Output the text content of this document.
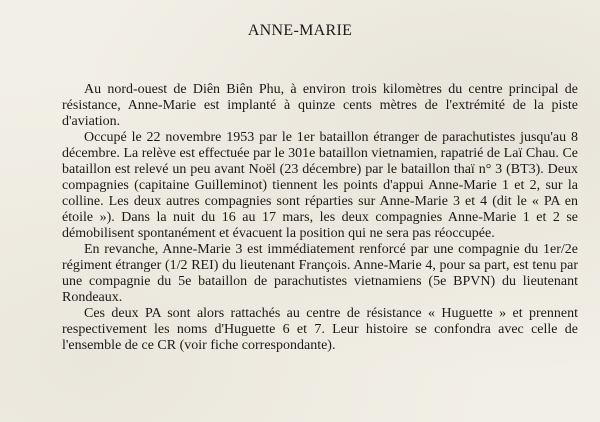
ANNE-MARIE

Au nord-ouest de Diên Biên Phu, à environ trois kilomètres du centre principal de résistance, Anne-Marie est implanté à quinze cents mètres de l'extrémité de la piste d'aviation.

Occupé le 22 novembre 1953 par le 1er bataillon étranger de parachutistes jusqu'au 8 décembre. La relève est effectuée par le 301e bataillon vietnamien, rapatrié de Laï Chau. Ce bataillon est relevé un peu avant Noël (23 décembre) par le bataillon thaï n° 3 (BT3). Deux compagnies (capitaine Guilleminot) tiennent les points d'appui Anne-Marie 1 et 2, sur la colline. Les deux autres compagnies sont réparties sur Anne-Marie 3 et 4 (dit le « PA en étoile »). Dans la nuit du 16 au 17 mars, les deux compagnies Anne-Marie 1 et 2 se démobilisent spontanément et évacuent la position qui ne sera pas réoccupée.

En revanche, Anne-Marie 3 est immédiatement renforcé par une compagnie du 1er/2e régiment étranger (1/2 REI) du lieutenant François. Anne-Marie 4, pour sa part, est tenu par une compagnie du 5e bataillon de parachutistes vietnamiens (5e BPVN) du lieutenant Rondeaux.

Ces deux PA sont alors rattachés au centre de résistance « Huguette » et prennent respectivement les noms d'Huguette 6 et 7. Leur histoire se confondra avec celle de l'ensemble de ce CR (voir fiche correspondante).
